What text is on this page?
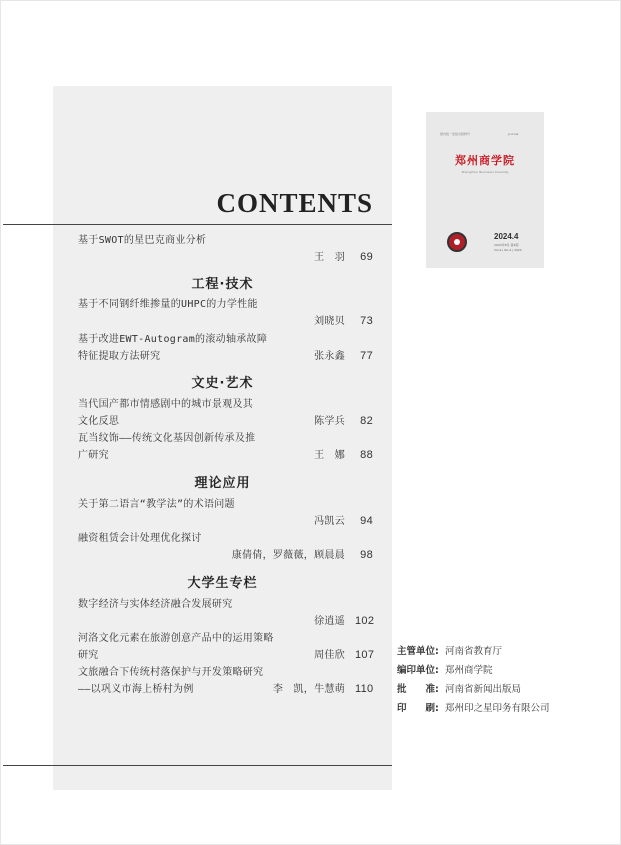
CONTENTS
基于SWOT的星巴克商业分析
王　羽 69
工程·技术
基于不同钢纤维掺量的UHPC的力学性能
刘晓贝 73
基于改进EWT-Autogram的滚动轴承故障
特征提取方法研究	张永鑫 77
文史·艺术
当代国产都市情感剧中的城市景观及其
文化反思	陈学兵 82
瓦当纹饰——传统文化基因创新传承及推
广研究	王　娜 88
理论应用
关于第二语言“教学法”的术语问题
冯凯云 94
融资租赁会计处理优化探讨
康倩倩，罗薇薇，顾晨晨 98
大学生专栏
数字经济与实体经济融合发展研究
徐逍遥 102
河洛文化元素在旅游创意产品中的运用策略
研究	周佳欣 107
文旅融合下传统村落保护与开发策略研究
——以巩义市海上桥村为例	李　凯，牛慧萌 110
国内统一连续出版物号	Journal
郑州商学院
Zhengzhou Business University
2024.4
2024年8月 第4期
Vol.4 | No.4 | 2024
主管单位: 河南省教育厅
编印单位: 郑州商学院
批　　准: 河南省新闻出版局
印　　刷: 郑州印之星印务有限公司
